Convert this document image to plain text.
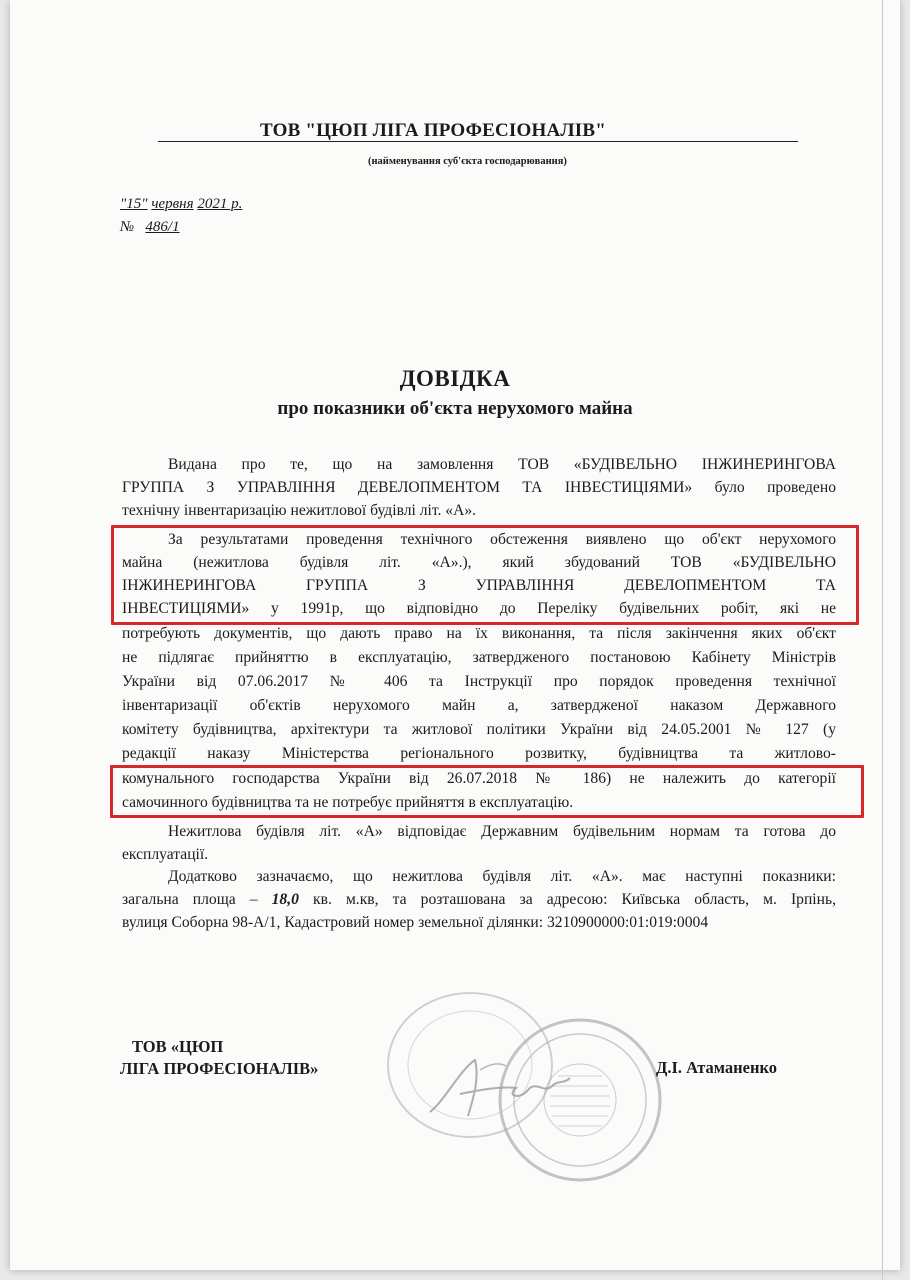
ТОВ "ЦЮП ЛІГА ПРОФЕСІОНАЛІВ"
(найменування суб'єкта господарювання)
"15" червня 2021 р.
№ 486/1
ДОВІДКА
про показники об'єкта нерухомого майна
Видана про те, що на замовлення ТОВ «БУДІВЕЛЬНО ІНЖИНЕРИНГОВА
ГРУППА З УПРАВЛІННЯ ДЕВЕЛОПМЕНТОМ ТА ІНВЕСТИЦІЯМИ» було проведено
технічну інвентаризацію нежитлової будівлі літ. «А».
За результатами проведення технічного обстеження виявлено що об'єкт нерухомого
майна (нежитлова будівля літ. «А».), який збудований ТОВ «БУДІВЕЛЬНО
ІНЖИНЕРИНГОВА ГРУППА З УПРАВЛІННЯ ДЕВЕЛОПМЕНТОМ ТА
ІНВЕСТИЦІЯМИ» у 1991р, що відповідно до Переліку будівельних робіт, які не
потребують документів, що дають право на їх виконання, та після закінчення яких об'єкт
не підлягає прийняттю в експлуатацію, затвердженого постановою Кабінету Міністрів
України від 07.06.2017 № 406 та Інструкції про порядок проведення технічної
інвентаризації об'єктів нерухомого майн а, затвердженої наказом Державного
комітету будівництва, архітектури та житлової політики України від 24.05.2001 № 127 (у
редакції наказу Міністерства регіонального розвитку, будівництва та житлово-
комунального господарства України від 26.07.2018 № 186) не належить до категорії
самочинного будівництва та не потребує прийняття в експлуатацію.
Нежитлова будівля літ. «А» відповідає Державним будівельним нормам та готова до
експлуатації.
Додатково зазначаємо, що нежитлова будівля літ. «А». має наступні показники:
загальна площа – 18,0 кв. м.кв, та розташована за адресою: Київська область, м. Ірпінь,
вулиця Соборна 98-А/1, Кадастровий номер земельної ділянки: 3210900000:01:019:0004
ТОВ «ЦЮП
ЛІГА ПРОФЕСІОНАЛІВ»	Д.І. Атаманенко
